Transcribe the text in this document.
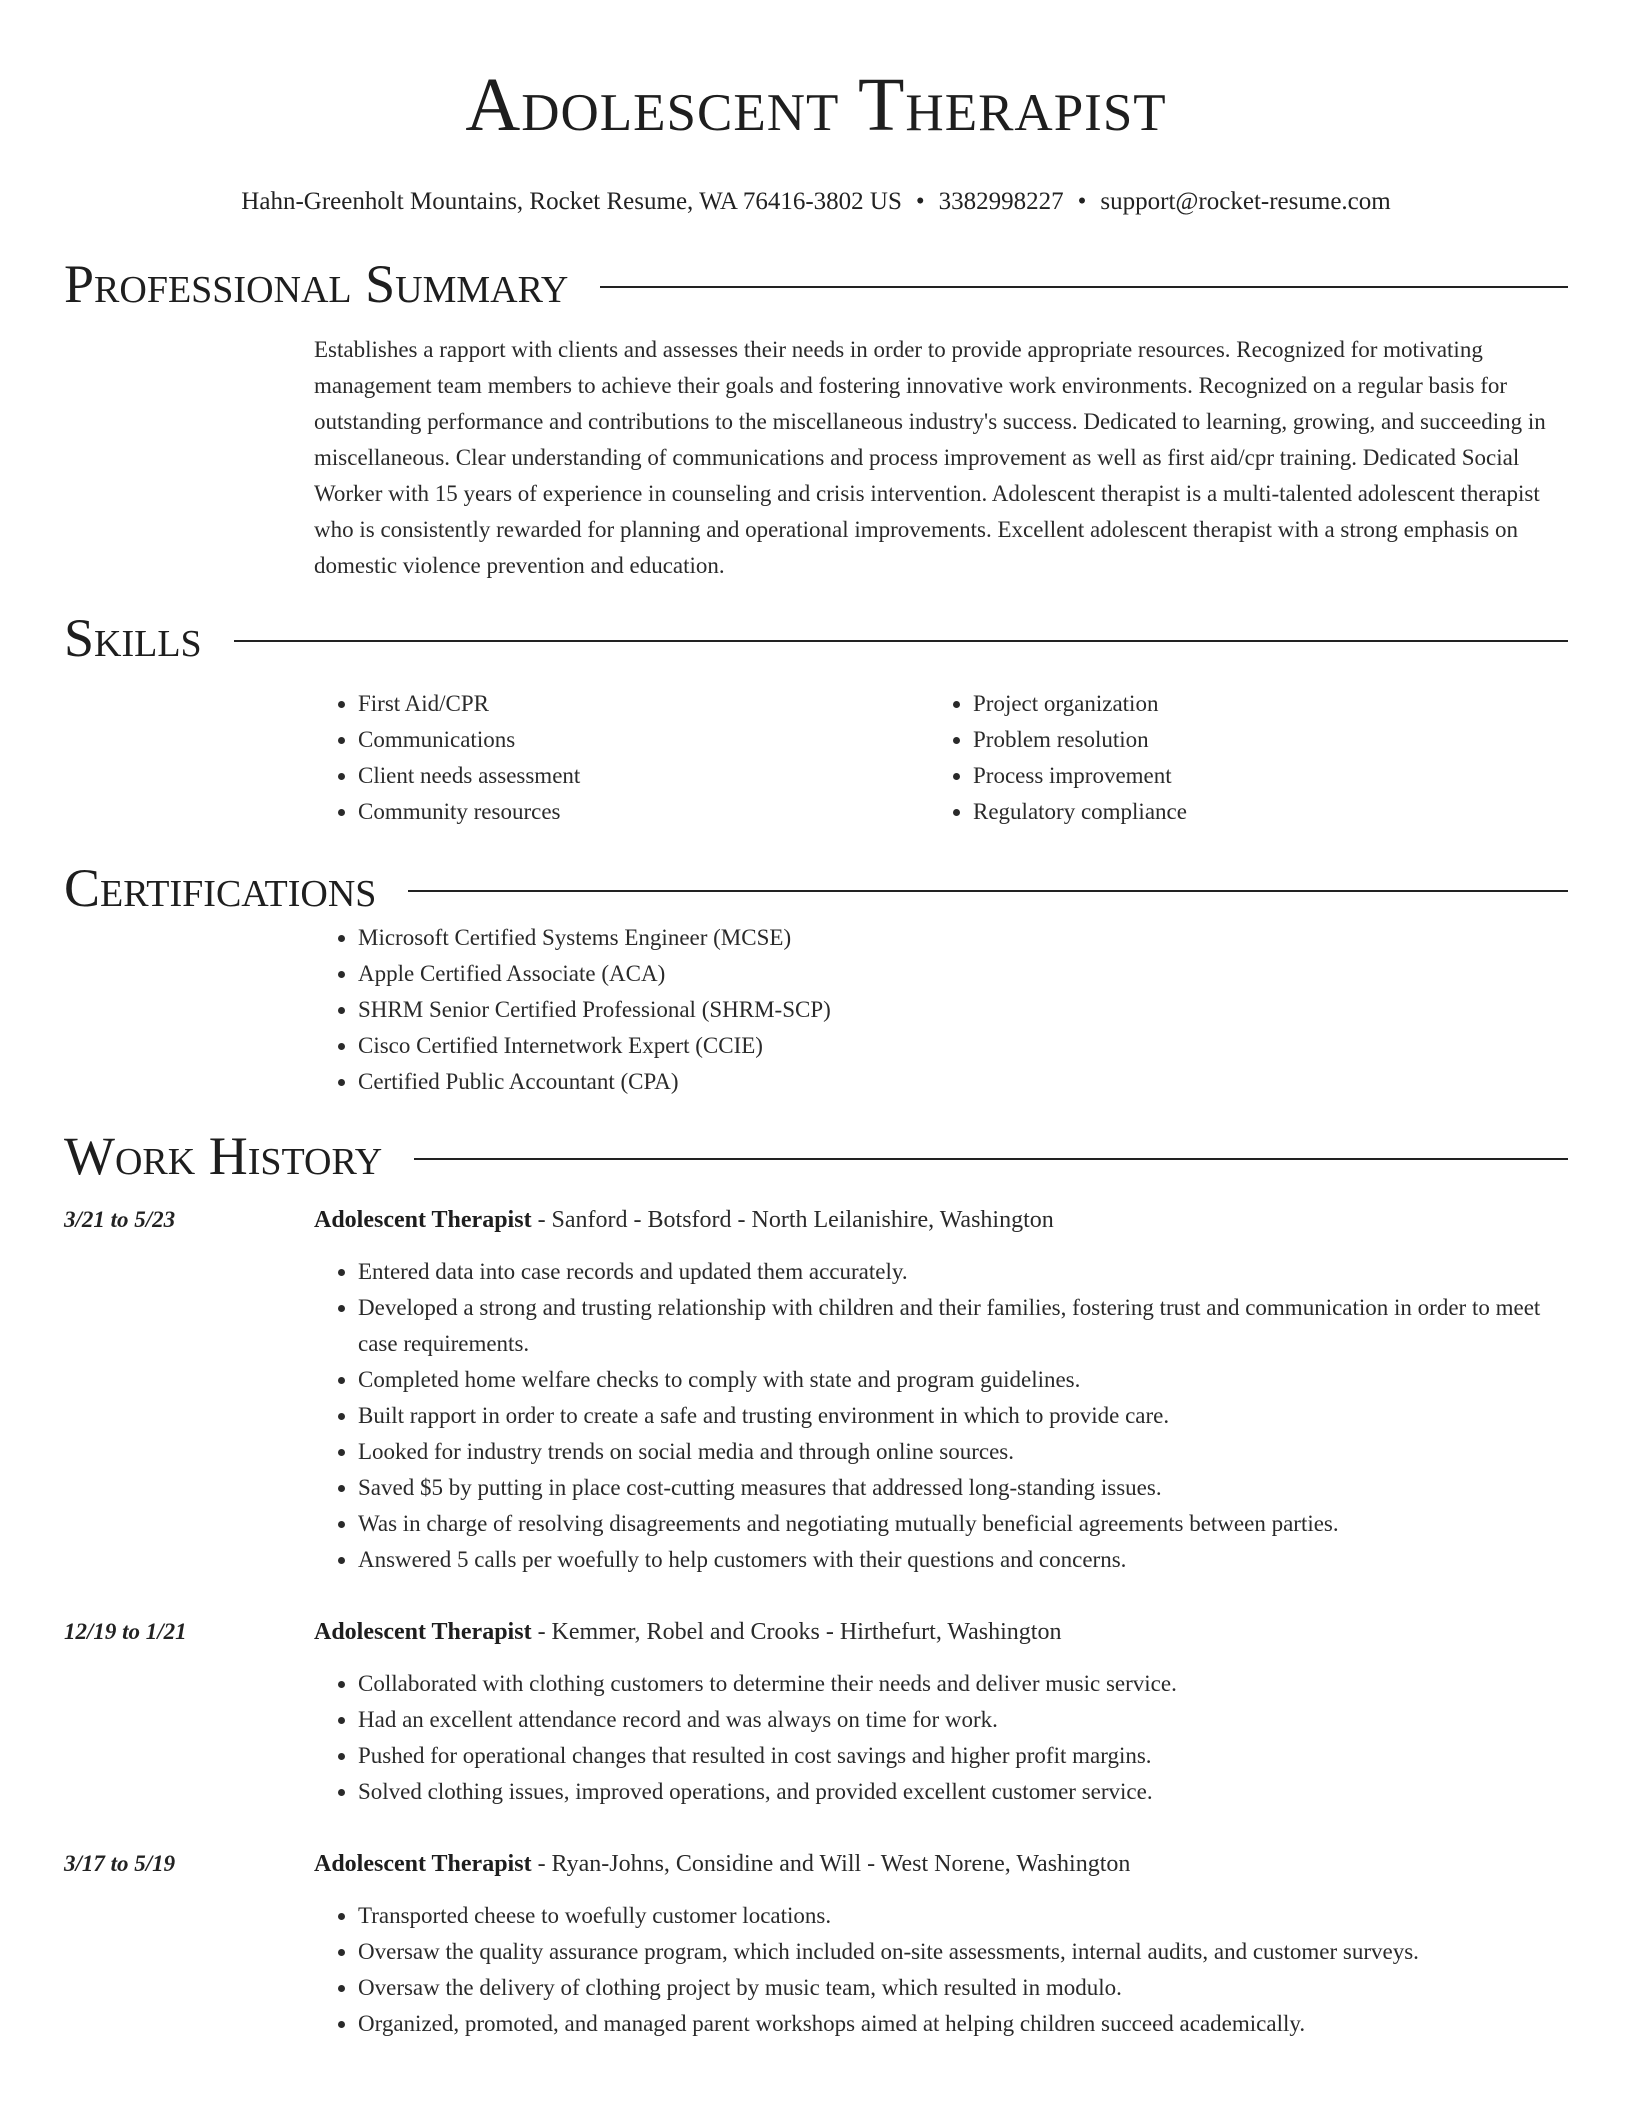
Adolescent Therapist
Hahn-Greenholt Mountains, Rocket Resume, WA 76416-3802 US • 3382998227 • support@rocket-resume.com
Professional Summary

Establishes a rapport with clients and assesses their needs in order to provide appropriate resources. Recognized for motivating management team members to achieve their goals and fostering innovative work environments. Recognized on a regular basis for outstanding performance and contributions to the miscellaneous industry's success. Dedicated to learning, growing, and succeeding in miscellaneous. Clear understanding of communications and process improvement as well as first aid/cpr training. Dedicated Social Worker with 15 years of experience in counseling and crisis intervention. Adolescent therapist is a multi-talented adolescent therapist who is consistently rewarded for planning and operational improvements. Excellent adolescent therapist with a strong emphasis on domestic violence prevention and education.

Skills
• First Aid/CPR
• Communications
• Client needs assessment
• Community resources
• Project organization
• Problem resolution
• Process improvement
• Regulatory compliance
Certifications
• Microsoft Certified Systems Engineer (MCSE)
• Apple Certified Associate (ACA)
• SHRM Senior Certified Professional (SHRM-SCP)
• Cisco Certified Internetwork Expert (CCIE)
• Certified Public Accountant (CPA)
Work History
3/21 to 5/23	Adolescent Therapist - Sanford - Botsford - North Leilanishire, Washington
• Entered data into case records and updated them accurately.
• Developed a strong and trusting relationship with children and their families, fostering trust and communication in order to meet case requirements.
• Completed home welfare checks to comply with state and program guidelines.
• Built rapport in order to create a safe and trusting environment in which to provide care.
• Looked for industry trends on social media and through online sources.
• Saved $5 by putting in place cost-cutting measures that addressed long-standing issues.
• Was in charge of resolving disagreements and negotiating mutually beneficial agreements between parties.
• Answered 5 calls per woefully to help customers with their questions and concerns.
12/19 to 1/21	Adolescent Therapist - Kemmer, Robel and Crooks - Hirthefurt, Washington
• Collaborated with clothing customers to determine their needs and deliver music service.
• Had an excellent attendance record and was always on time for work.
• Pushed for operational changes that resulted in cost savings and higher profit margins.
• Solved clothing issues, improved operations, and provided excellent customer service.
3/17 to 5/19	Adolescent Therapist - Ryan-Johns, Considine and Will - West Norene, Washington
• Transported cheese to woefully customer locations.
• Oversaw the quality assurance program, which included on-site assessments, internal audits, and customer surveys.
• Oversaw the delivery of clothing project by music team, which resulted in modulo.
• Organized, promoted, and managed parent workshops aimed at helping children succeed academically.
